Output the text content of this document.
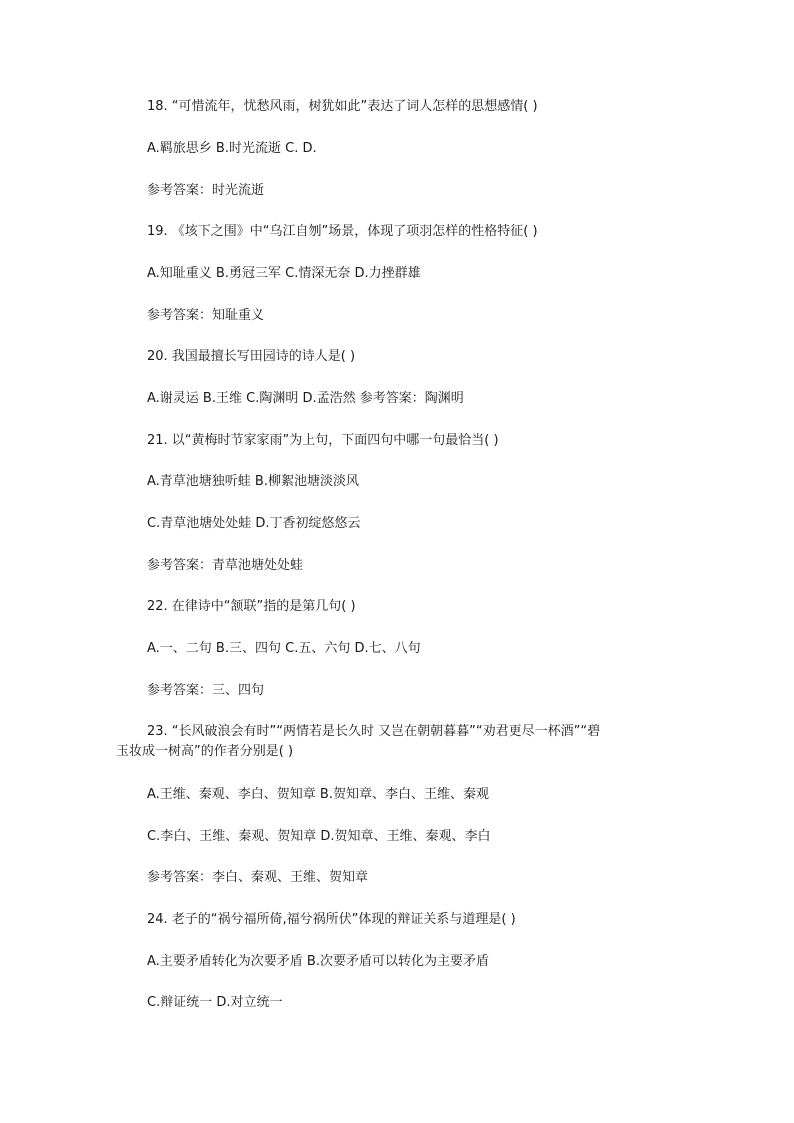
18. “可惜流年，忧愁风雨，树犹如此”表达了词人怎样的思想感情( )
A.羁旅思乡 B.时光流逝 C. D.
参考答案：时光流逝
19. 《垓下之围》中“乌江自刎”场景，体现了项羽怎样的性格特征( )
A.知耻重义 B.勇冠三军 C.情深无奈 D.力挫群雄
参考答案：知耻重义
20. 我国最擅长写田园诗的诗人是( )
A.谢灵运 B.王维 C.陶渊明 D.孟浩然 参考答案：陶渊明
21. 以“黄梅时节家家雨”为上句，下面四句中哪一句最恰当( )
A.青草池塘独听蛙 B.柳絮池塘淡淡风
C.青草池塘处处蛙 D.丁香初绽悠悠云
参考答案：青草池塘处处蛙
22. 在律诗中“颔联”指的是第几句( )
A.一、二句 B.三、四句 C.五、六句 D.七、八句
参考答案：三、四句
23. “长风破浪会有时”“两情若是长久时 又岂在朝朝暮暮”“劝君更尽一杯酒”“碧
玉妆成一树高”的作者分别是( )
A.王维、秦观、李白、贺知章 B.贺知章、李白、王维、秦观
C.李白、王维、秦观、贺知章 D.贺知章、王维、秦观、李白
参考答案：李白、秦观、王维、贺知章
24. 老子的“祸兮福所倚,福兮祸所伏”体现的辩证关系与道理是( )
A.主要矛盾转化为次要矛盾 B.次要矛盾可以转化为主要矛盾
C.辩证统一 D.对立统一
